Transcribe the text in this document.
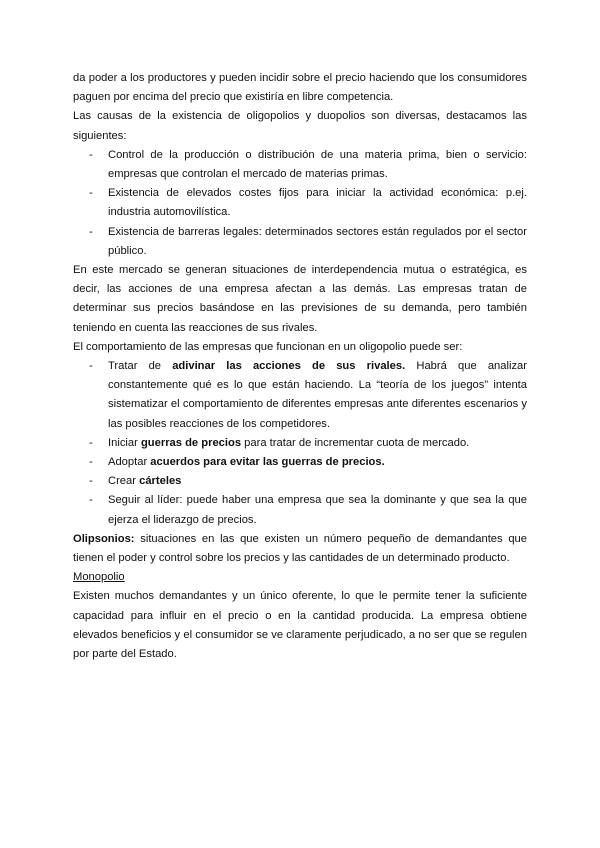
da poder a los productores y pueden incidir sobre el precio haciendo que los consumidores paguen por encima del precio que existiría en libre competencia.

Las causas de la existencia de oligopolios y duopolios son diversas, destacamos las siguientes:

- Control de la producción o distribución de una materia prima, bien o servicio: empresas que controlan el mercado de materias primas.
- Existencia de elevados costes fijos para iniciar la actividad económica: p.ej. industria automovilística.
- Existencia de barreras legales: determinados sectores están regulados por el sector público.

En este mercado se generan situaciones de interdependencia mutua o estratégica, es decir, las acciones de una empresa afectan a las demás. Las empresas tratan de determinar sus precios basándose en las previsiones de su demanda, pero también teniendo en cuenta las reacciones de sus rivales.

El comportamiento de las empresas que funcionan en un oligopolio puede ser:

- Tratar de adivinar las acciones de sus rivales. Habrá que analizar constantemente qué es lo que están haciendo. La “teoría de los juegos” intenta sistematizar el comportamiento de diferentes empresas ante diferentes escenarios y las posibles reacciones de los competidores.
- Iniciar guerras de precios para tratar de incrementar cuota de mercado.
- Adoptar acuerdos para evitar las guerras de precios.
- Crear cárteles
- Seguir al líder: puede haber una empresa que sea la dominante y que sea la que ejerza el liderazgo de precios.

Olipsonios: situaciones en las que existen un número pequeño de demandantes que tienen el poder y control sobre los precios y las cantidades de un determinado producto.

Monopolio

Existen muchos demandantes y un único oferente, lo que le permite tener la suficiente capacidad para influir en el precio o en la cantidad producida. La empresa obtiene elevados beneficios y el consumidor se ve claramente perjudicado, a no ser que se regulen por parte del Estado.
